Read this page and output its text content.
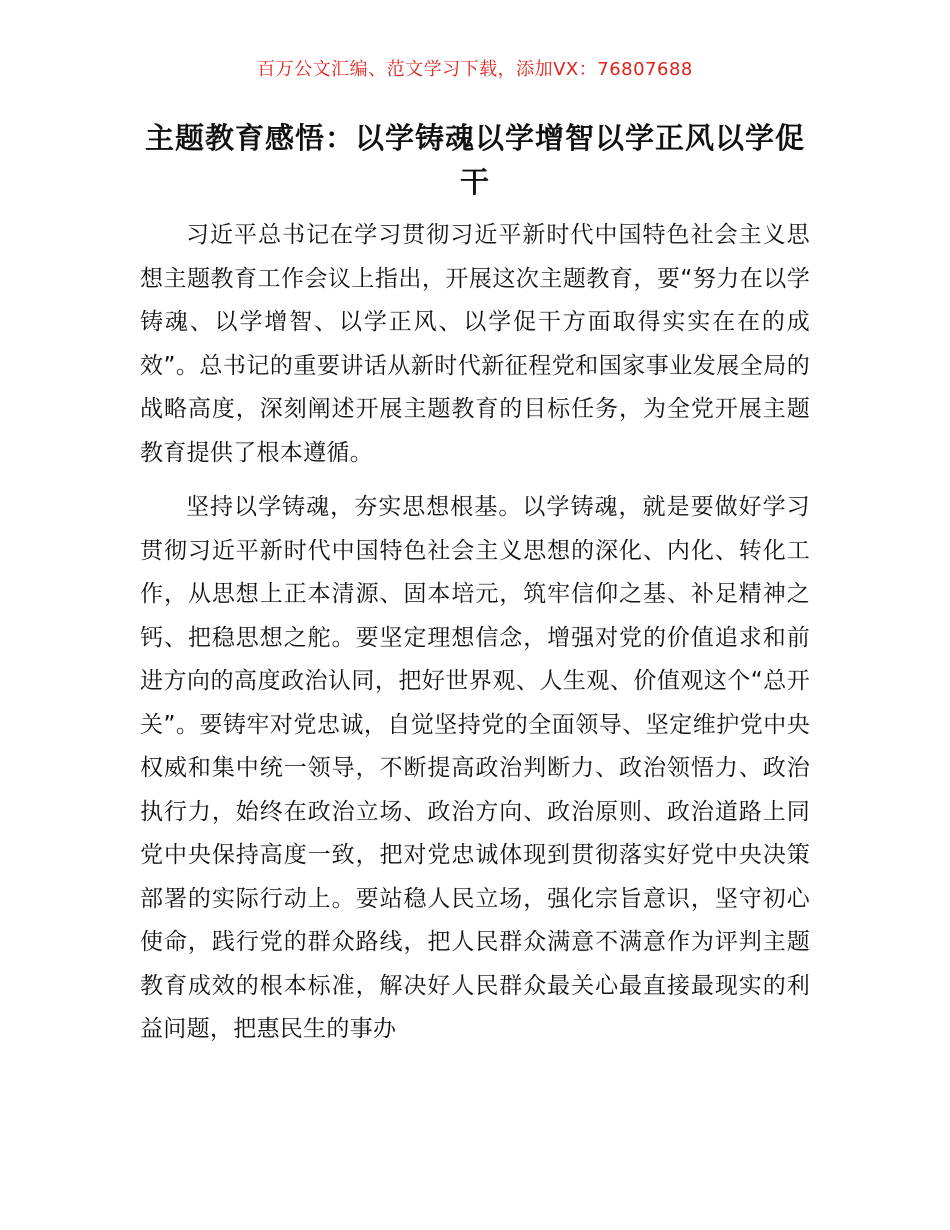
百万公文汇编、范文学习下载，添加VX：76807688
主题教育感悟：以学铸魂以学增智以学正风以学促干

习近平总书记在学习贯彻习近平新时代中国特色社会主义思想主题教育工作会议上指出，开展这次主题教育，要“努力在以学铸魂、以学增智、以学正风、以学促干方面取得实实在在的成效”。总书记的重要讲话从新时代新征程党和国家事业发展全局的战略高度，深刻阐述开展主题教育的目标任务，为全党开展主题教育提供了根本遵循。

坚持以学铸魂，夯实思想根基。以学铸魂，就是要做好学习贯彻习近平新时代中国特色社会主义思想的深化、内化、转化工作，从思想上正本清源、固本培元，筑牢信仰之基、补足精神之钙、把稳思想之舵。要坚定理想信念，增强对党的价值追求和前进方向的高度政治认同，把好世界观、人生观、价值观这个“总开关”。要铸牢对党忠诚，自觉坚持党的全面领导、坚定维护党中央权威和集中统一领导，不断提高政治判断力、政治领悟力、政治执行力，始终在政治立场、政治方向、政治原则、政治道路上同党中央保持高度一致，把对党忠诚体现到贯彻落实好党中央决策部署的实际行动上。要站稳人民立场，强化宗旨意识，坚守初心使命，践行党的群众路线，把人民群众满意不满意作为评判主题教育成效的根本标准，解决好人民群众最关心最直接最现实的利益问题，把惠民生的事办
